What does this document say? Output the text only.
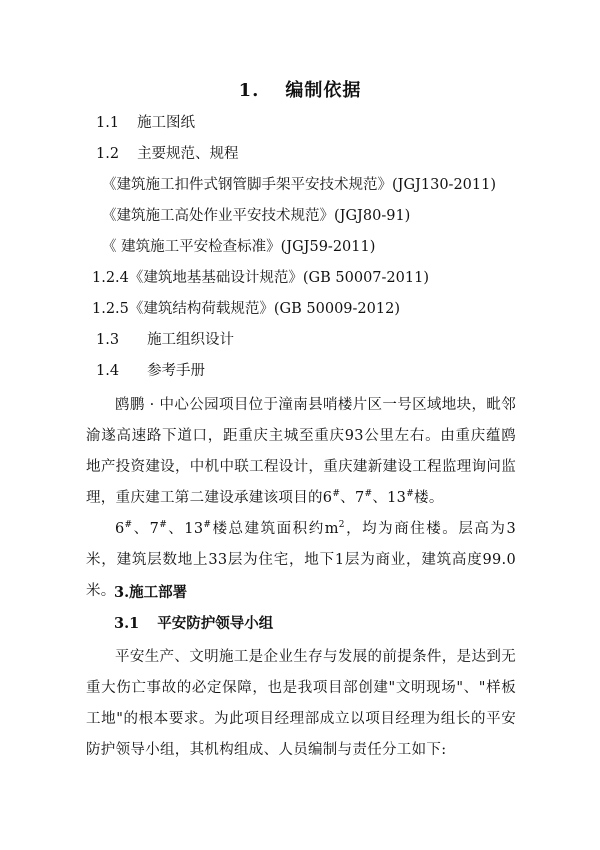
1. 编制依据
1.1 施工图纸
1.2 主要规范、规程
《建筑施工扣件式钢管脚手架平安技术规范》(JGJ130-2011)
《建筑施工高处作业平安技术规范》(JGJ80-91)
《 建筑施工平安检查标准》(JGJ59-2011)
1.2.4《建筑地基基础设计规范》(GB 50007-2011)
1.2.5《建筑结构荷载规范》(GB 50009-2012)
1.3 施工组织设计
1.4 参考手册
鸥鹏 · 中心公园项目位于潼南县哨楼片区一号区域地块，毗邻渝遂高速路下道口，距重庆主城至重庆93公里左右。由重庆蕴鸥地产投资建设，中机中联工程设计，重庆建新建设工程监理询问监理，重庆建工第二建设承建该项目的6#、7#、13#楼。
6#、7#、13#楼总建筑面积约$m^2$，均为商住楼。层高为3米，建筑层数地上33层为住宅，地下1层为商业，建筑高度99.0米。
3.施工部署
3.1 平安防护领导小组
平安生产、文明施工是企业生存与发展的前提条件，是达到无重大伤亡事故的必定保障，也是我项目部创建"文明现场"、"样板工地"的根本要求。为此项目经理部成立以项目经理为组长的平安防护领导小组，其机构组成、人员编制与责任分工如下:
